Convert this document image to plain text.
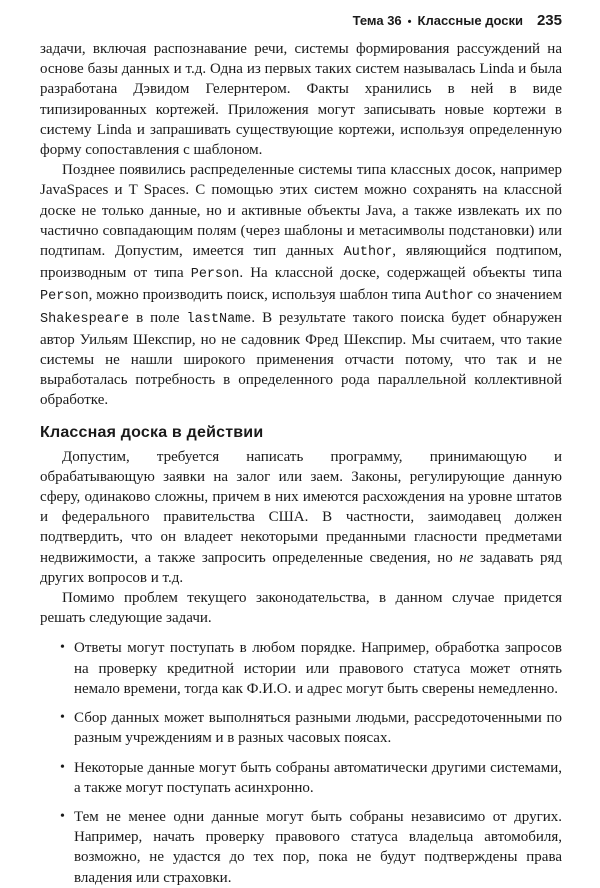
Тема 36 • Классные доски 235

задачи, включая распознавание речи, системы формирования рассуждений на основе базы данных и т.д. Одна из первых таких систем называлась Linda и была разработана Дэвидом Гелернтером. Факты хранились в ней в виде типизированных кортежей. Приложения могут записывать новые кортежи в систему Linda и запрашивать существующие кортежи, используя определенную форму сопоставления с шаблоном.

Позднее появились распределенные системы типа классных досок, например JavaSpaces и T Spaces. С помощью этих систем можно сохранять на классной доске не только данные, но и активные объекты Java, а также извлекать их по частично совпадающим полям (через шаблоны и метасимволы подстановки) или подтипам. Допустим, имеется тип данных Author, являющийся подтипом, производным от типа Person. На классной доске, содержащей объекты типа Person, можно производить поиск, используя шаблон типа Author со значением Shakespeare в поле lastName. В результате такого поиска будет обнаружен автор Уильям Шекспир, но не садовник Фред Шекспир. Мы считаем, что такие системы не нашли широкого применения отчасти потому, что так и не выработалась потребность в определенного рода параллельной коллективной обработке.

Классная доска в действии

Допустим, требуется написать программу, принимающую и обрабатывающую заявки на залог или заем. Законы, регулирующие данную сферу, одинаково сложны, причем в них имеются расхождения на уровне штатов и федерального правительства США. В частности, заимодавец должен подтвердить, что он владеет некоторыми преданными гласности предметами недвижимости, а также запросить определенные сведения, но не задавать ряд других вопросов и т.д.

Помимо проблем текущего законодательства, в данном случае придется решать следующие задачи.

• Ответы могут поступать в любом порядке. Например, обработка запросов на проверку кредитной истории или правового статуса может отнять немало времени, тогда как Ф.И.О. и адрес могут быть сверены немедленно.
• Сбор данных может выполняться разными людьми, рассредоточенными по разным учреждениям и в разных часовых поясах.
• Некоторые данные могут быть собраны автоматически другими системами, а также могут поступать асинхронно.
• Тем не менее одни данные могут быть собраны независимо от других. Например, начать проверку правового статуса владельца автомобиля, возможно, не удастся до тех пор, пока не будут подтверждены права владения или страховки.
